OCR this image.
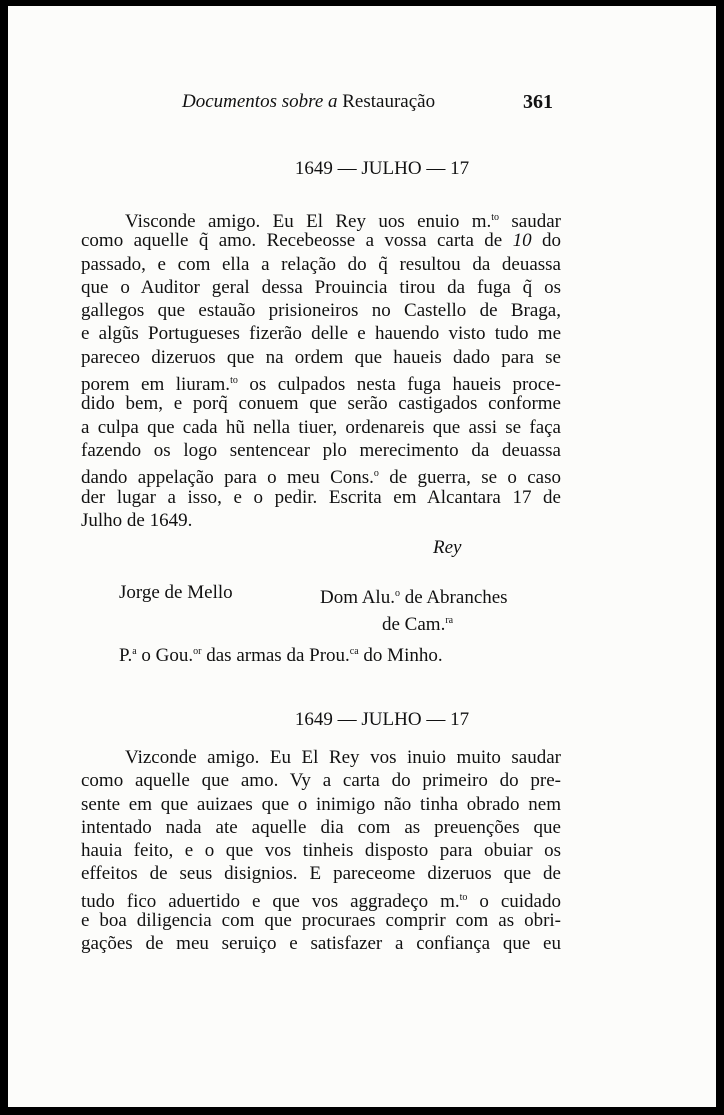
Documentos sobre a Restauração	361
1649 — JULHO — 17
Visconde amigo. Eu El Rey uos enuio m.$^{to}$ saudar
como aquelle q̃ amo. Recebeosse a vossa carta de 10 do
passado, e com ella a relação do q̃ resultou da deuassa
que o Auditor geral dessa Prouincia tirou da fuga q̃ os
gallegos que estauão prisioneiros no Castello de Braga,
e algũs Portugueses fizerão delle e hauendo visto tudo me
pareceo dizeruos que na ordem que haueis dado para se
porem em liuram.$^{to}$ os culpados nesta fuga haueis proce-
dido bem, e porq̃ conuem que serão castigados conforme
a culpa que cada hũ nella tiuer, ordenareis que assi se faça
fazendo os logo sentencear plo merecimento da deuassa
dando appelação para o meu Cons.$^o$ de guerra, se o caso
der lugar a isso, e o pedir. Escrita em Alcantara 17 de
Julho de 1649.
Rey
Jorge de Mello	Dom Alu.$^o$ de Abranches
de Cam.$^{ra}$
P.$^a$ o Gou.$^{or}$ das armas da Prou.$^{ca}$ do Minho.
1649 — JULHO — 17
Vizconde amigo. Eu El Rey vos inuio muito saudar
como aquelle que amo. Vy a carta do primeiro do pre-
sente em que auizaes que o inimigo não tinha obrado nem
intentado nada ate aquelle dia com as preuenções que
hauia feito, e o que vos tinheis disposto para obuiar os
effeitos de seus disignios. E pareceome dizeruos que de
tudo fico aduertido e que vos aggradeço m.$^{to}$ o cuidado
e boa diligencia com que procuraes comprir com as obri-
gações de meu seruiço e satisfazer a confiança que eu
